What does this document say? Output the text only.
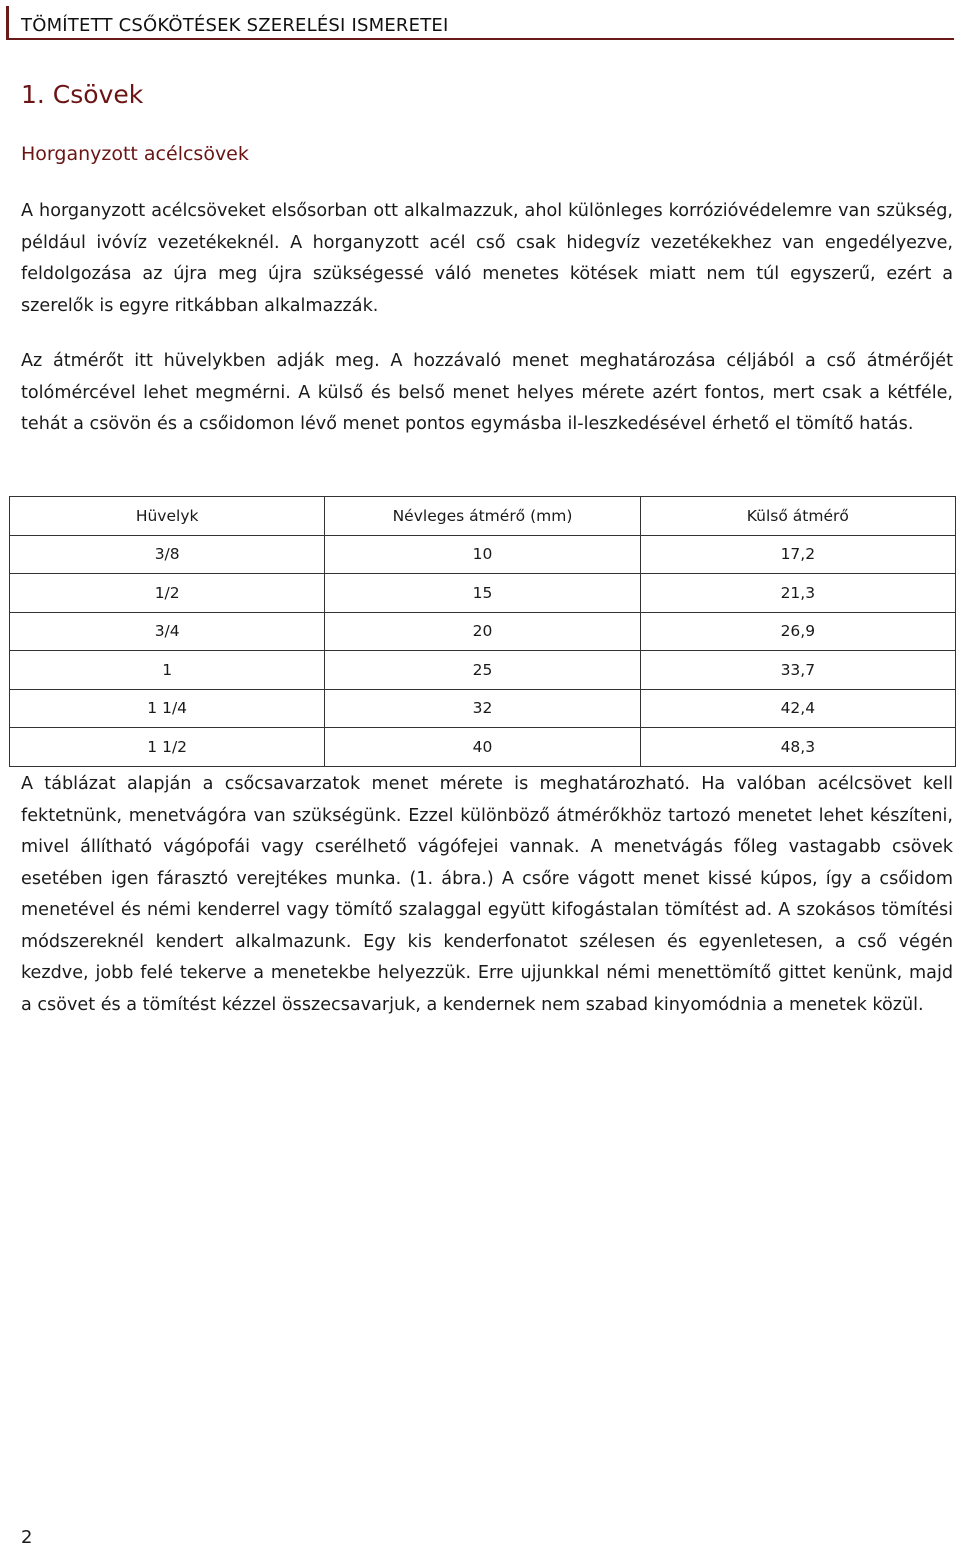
TÖMÍTETT CSŐKÖTÉSEK SZERELÉSI ISMERETEI
1. Csövek
Horganyzott acélcsövek

A horganyzott acélcsöveket elsősorban ott alkalmazzuk, ahol különleges korrózióvédelemre van szükség, például ivóvíz vezetékeknél. A horganyzott acél cső csak hidegvíz vezetékekhez van engedélyezve, feldolgozása az újra meg újra szükségessé váló menetes kötések miatt nem túl egyszerű, ezért a szerelők is egyre ritkábban alkalmazzák.

Az átmérőt itt hüvelykben adják meg. A hozzávaló menet meghatározása céljából a cső átmérőjét tolómércével lehet megmérni. A külső és belső menet helyes mérete azért fontos, mert csak a kétféle, tehát a csövön és a csőidomon lévő menet pontos egymásba il-leszkedésével érhető el tömítő hatás.

Hüvelyk	Névleges átmérő (mm)	Külső átmérő
3/8	10	17,2
1/2	15	21,3
3/4	20	26,9
1	25	33,7
1 1/4	32	42,4
1 1/2	40	48,3

A táblázat alapján a csőcsavarzatok menet mérete is meghatározható. Ha valóban acélcsövet kell fektetnünk, menetvágóra van szükségünk. Ezzel különböző átmérőkhöz tartozó menetet lehet készíteni, mivel állítható vágópofái vagy cserélhető vágófejei vannak. A menetvágás főleg vastagabb csövek esetében igen fárasztó verejtékes munka. (1. ábra.) A csőre vágott menet kissé kúpos, így a csőidom menetével és némi kenderrel vagy tömítő szalaggal együtt kifogástalan tömítést ad. A szokásos tömítési módszereknél kendert alkalmazunk. Egy kis kenderfonatot szélesen és egyenletesen, a cső végén kezdve, jobb felé tekerve a menetekbe helyezzük. Erre ujjunkkal némi menettömítő gittet kenünk, majd a csövet és a tömítést kézzel összecsavarjuk, a kendernek nem szabad kinyomódnia a menetek közül.

2
